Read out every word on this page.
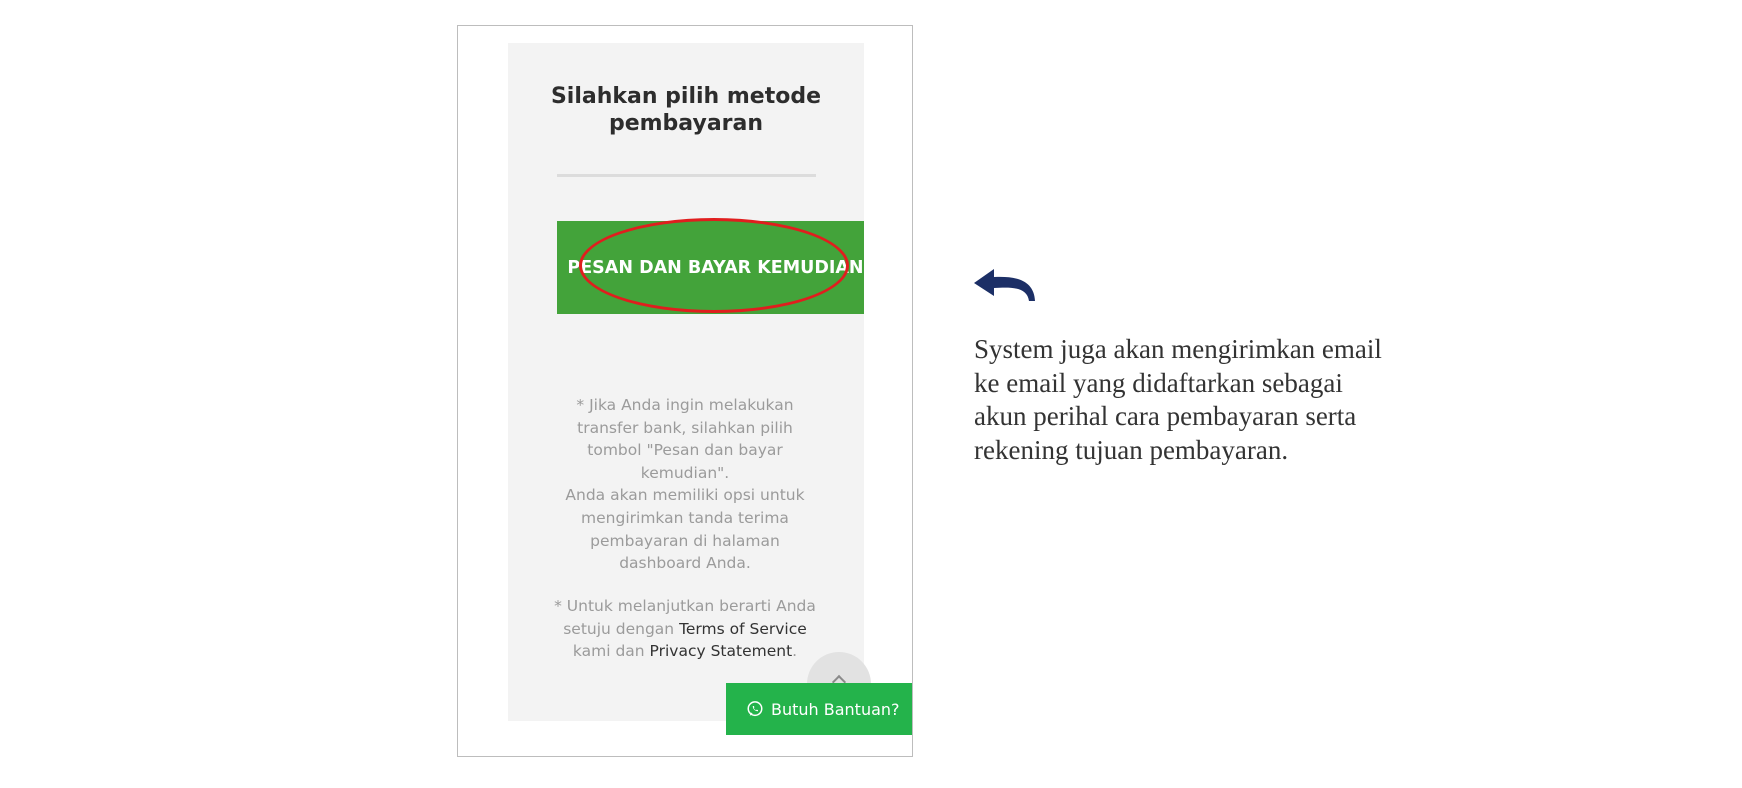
Silahkan pilih metode pembayaran
PESAN DAN BAYAR KEMUDIAN

* Jika Anda ingin melakukan transfer bank, silahkan pilih tombol "Pesan dan bayar kemudian".
Anda akan memiliki opsi untuk mengirimkan tanda terima pembayaran di halaman dashboard Anda.

* Untuk melanjutkan berarti Anda setuju dengan Terms of Service kami dan Privacy Statement.

Butuh Bantuan?

System juga akan mengirimkan email ke email yang didaftarkan sebagai akun perihal cara pembayaran serta rekening tujuan pembayaran.
